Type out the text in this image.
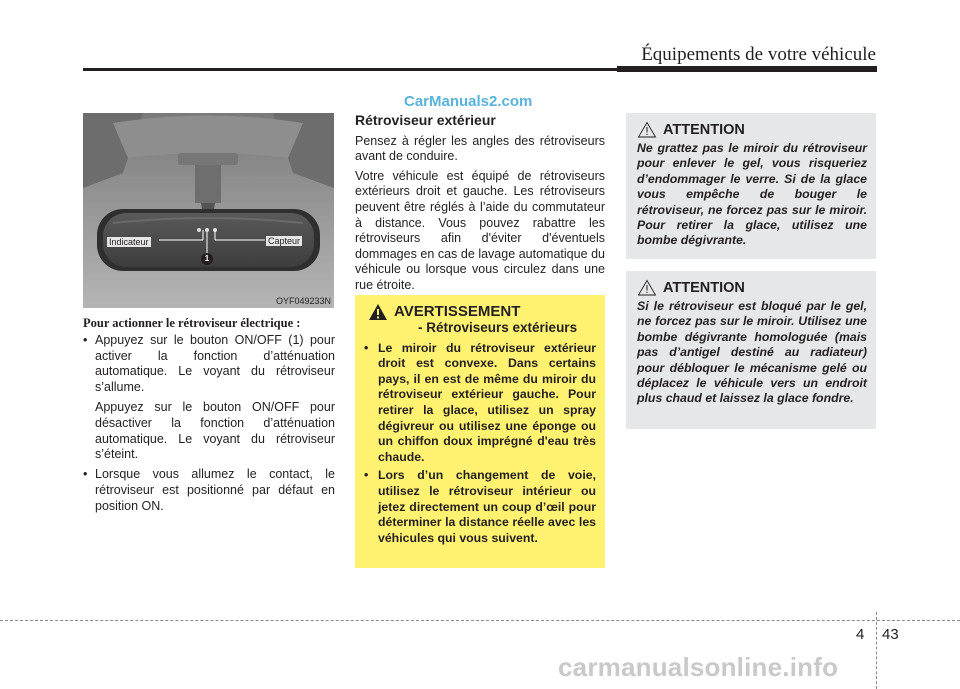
Équipements de votre véhicule
CarManuals2.com
Indicateur	Capteur
1
OYF049233N
Pour actionner le rétroviseur électrique :
• Appuyez sur le bouton ON/OFF (1) pour activer la fonction d’atténuation automatique. Le voyant du rétroviseur s’allume.
Appuyez sur le bouton ON/OFF pour désactiver la fonction d’atténuation automatique. Le voyant du rétroviseur s’éteint.
• Lorsque vous allumez le contact, le rétroviseur est positionné par défaut en position ON.
Rétroviseur extérieur

Pensez à régler les angles des rétroviseurs avant de conduire.

Votre véhicule est équipé de rétroviseurs extérieurs droit et gauche. Les rétroviseurs peuvent être réglés à l’aide du commutateur à distance. Vous pouvez rabattre les rétroviseurs afin d'éviter d'éventuels dommages en cas de lavage automatique du véhicule ou lorsque vous circulez dans une rue étroite.

AVERTISSEMENT
- Rétroviseurs extérieurs
• Le miroir du rétroviseur extérieur droit est convexe. Dans certains pays, il en est de même du miroir du rétroviseur extérieur gauche. Pour retirer la glace, utilisez un spray dégivreur ou utilisez une éponge ou un chiffon doux imprégné d'eau très chaude.
• Lors d’un changement de voie, utilisez le rétroviseur intérieur ou jetez directement un coup d’œil pour déterminer la distance réelle avec les véhicules qui vous suivent.
ATTENTION
Ne grattez pas le miroir du rétroviseur pour enlever le gel, vous risqueriez d’endommager le verre. Si de la glace vous empêche de bouger le rétroviseur, ne forcez pas sur le miroir. Pour retirer la glace, utilisez une bombe dégivrante.
ATTENTION
Si le rétroviseur est bloqué par le gel, ne forcez pas sur le miroir. Utilisez une bombe dégivrante homologuée (mais pas d’antigel destiné au radiateur) pour débloquer le mécanisme gelé ou déplacez le véhicule vers un endroit plus chaud et laissez la glace fondre.
4 43
carmanualsonline.info
